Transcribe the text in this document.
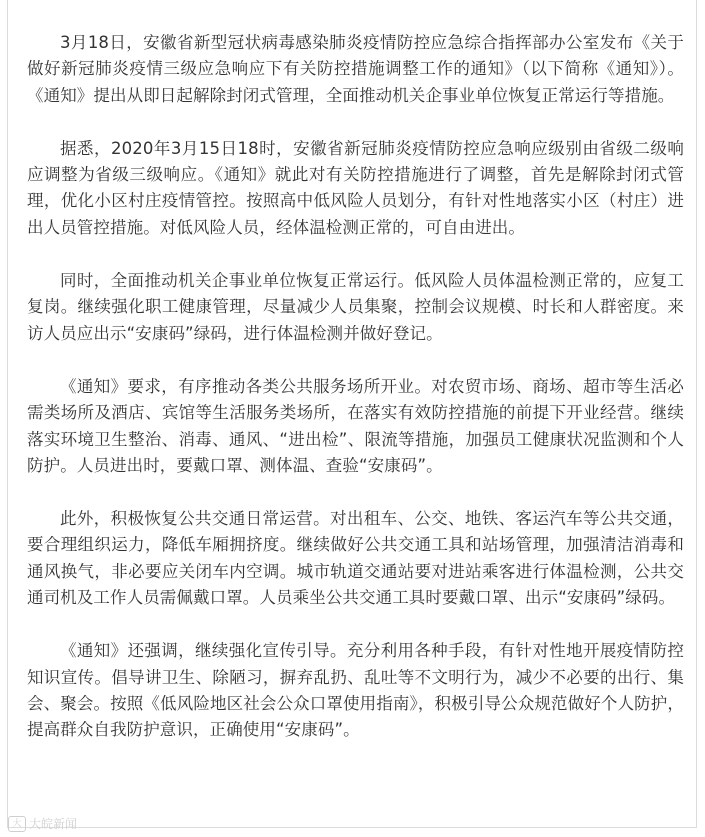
3月18日，安徽省新型冠状病毒感染肺炎疫情防控应急综合指挥部办公室发布《关于做好新冠肺炎疫情三级应急响应下有关防控措施调整工作的通知》（以下简称《通知》）。《通知》提出从即日起解除封闭式管理，全面推动机关企事业单位恢复正常运行等措施。

据悉，2020年3月15日18时，安徽省新冠肺炎疫情防控应急响应级别由省级二级响应调整为省级三级响应。《通知》就此对有关防控措施进行了调整，首先是解除封闭式管理，优化小区村庄疫情管控。按照高中低风险人员划分，有针对性地落实小区（村庄）进出人员管控措施。对低风险人员，经体温检测正常的，可自由进出。

同时，全面推动机关企事业单位恢复正常运行。低风险人员体温检测正常的，应复工复岗。继续强化职工健康管理，尽量减少人员集聚，控制会议规模、时长和人群密度。来访人员应出示“安康码”绿码，进行体温检测并做好登记。

《通知》要求，有序推动各类公共服务场所开业。对农贸市场、商场、超市等生活必需类场所及酒店、宾馆等生活服务类场所，在落实有效防控措施的前提下开业经营。继续落实环境卫生整治、消毒、通风、“进出检”、限流等措施，加强员工健康状况监测和个人防护。人员进出时，要戴口罩、测体温、查验“安康码”。

此外，积极恢复公共交通日常运营。对出租车、公交、地铁、客运汽车等公共交通，要合理组织运力，降低车厢拥挤度。继续做好公共交通工具和站场管理，加强清洁消毒和通风换气，非必要应关闭车内空调。城市轨道交通站要对进站乘客进行体温检测，公共交通司机及工作人员需佩戴口罩。人员乘坐公共交通工具时要戴口罩、出示“安康码”绿码。

《通知》还强调，继续强化宣传引导。充分利用各种手段，有针对性地开展疫情防控知识宣传。倡导讲卫生、除陋习，摒弃乱扔、乱吐等不文明行为，减少不必要的出行、集会、聚会。按照《低风险地区社会公众口罩使用指南》，积极引导公众规范做好个人防护，提高群众自我防护意识，正确使用“安康码”。

大 大皖新闻
